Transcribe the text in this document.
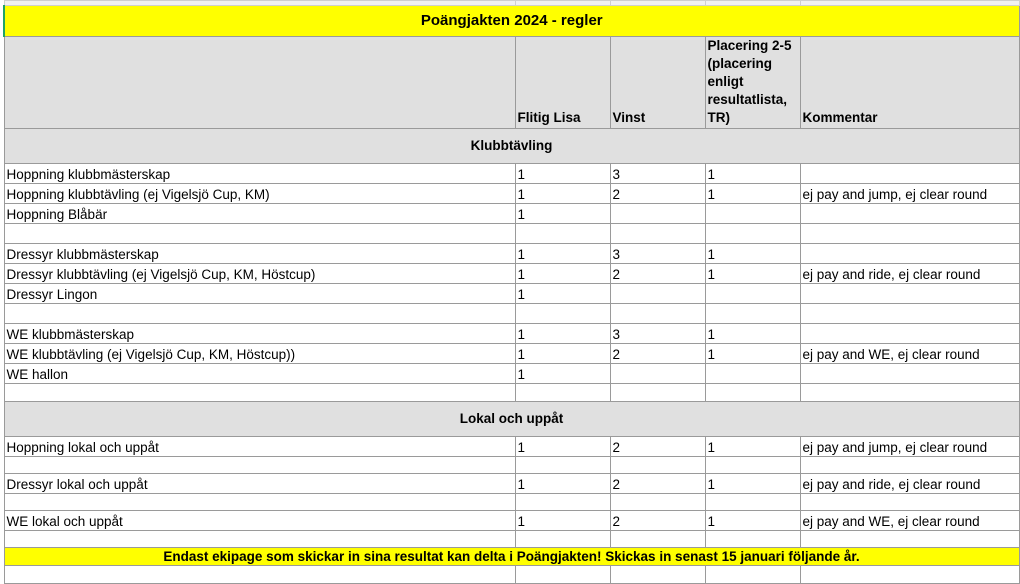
Poängjakten 2024 - regler				
	Flitig Lisa	Vinst	Placering 2-5 (placering enligt resultatlista, TR)	Kommentar
Klubbtävling				
Hoppning klubbmästerskap	1	3	1	
Hoppning klubbtävling (ej Vigelsjö Cup, KM)	1	2	1	ej pay and jump, ej clear round
Hoppning Blåbär	1			

Dressyr klubbmästerskap	1	3	1	
Dressyr klubbtävling (ej Vigelsjö Cup, KM, Höstcup)	1	2	1	ej pay and ride, ej clear round
Dressyr Lingon	1			

WE klubbmästerskap	1	3	1	
WE klubbtävling (ej Vigelsjö Cup, KM, Höstcup))	1	2	1	ej pay and WE, ej clear round
WE hallon	1			

Lokal och uppåt				
Hoppning lokal och uppåt	1	2	1	ej pay and jump, ej clear round

Dressyr lokal och uppåt	1	2	1	ej pay and ride, ej clear round

WE lokal och uppåt	1	2	1	ej pay and WE, ej clear round

Endast ekipage som skickar in sina resultat kan delta i Poängjakten! Skickas in senast 15 januari följande år.				
